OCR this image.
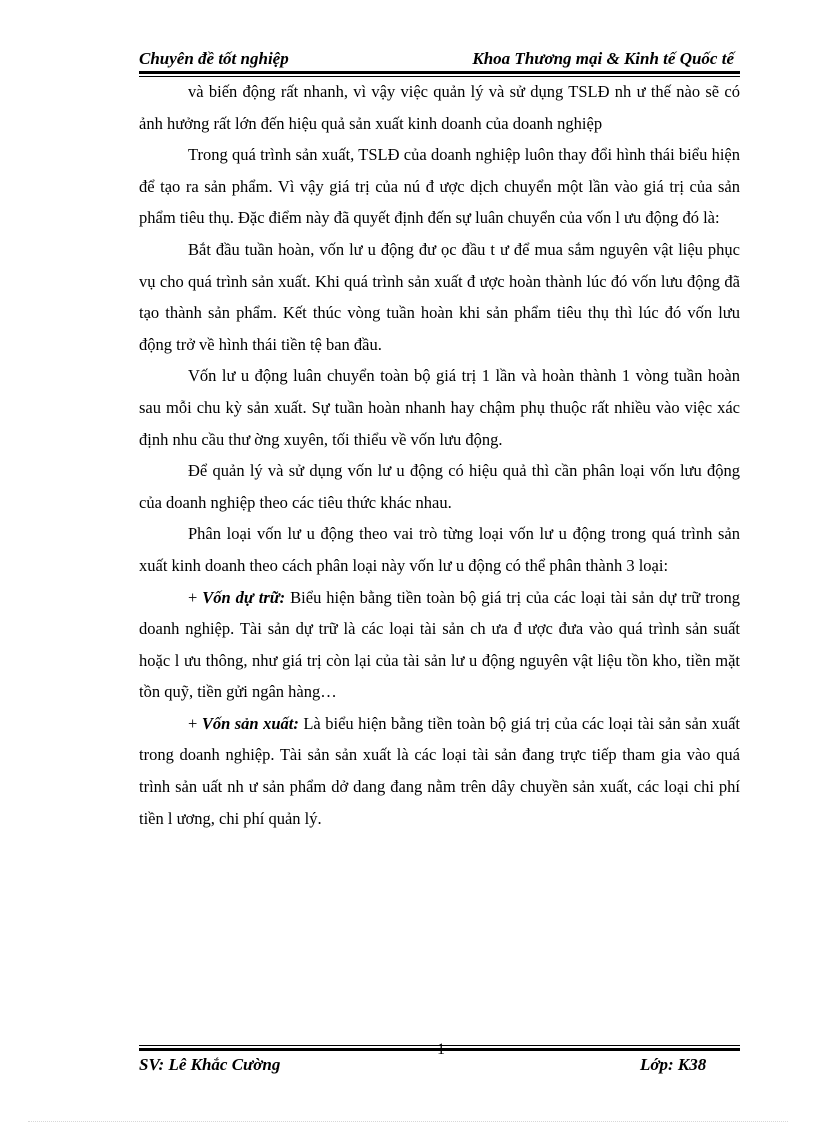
Chuyên đề tốt nghiệp	Khoa Thương mại & Kinh tế Quốc tế

và biến động rất nhanh, vì vậy việc quản lý và sử dụng TSLĐ nh ư thế nào sẽ có ảnh hưởng rất lớn đến hiệu quả sản xuất kinh doanh của doanh nghiệp

Trong quá trình sản xuất, TSLĐ của doanh nghiệp luôn thay đổi hình thái biểu hiện để tạo ra sản phẩm. Vì vậy giá trị của nú đ ược dịch chuyển một lần vào giá trị của sản phẩm tiêu thụ. Đặc điểm này đã quyết định đến sự luân chuyển của vốn l ưu động đó là:

Bắt đầu tuần hoàn, vốn lư u động đư ọc đầu t ư để mua sắm nguyên vật liệu phục vụ cho quá trình sản xuất. Khi quá trình sản xuất đ ược hoàn thành lúc đó vốn lưu động đã tạo thành sản phẩm. Kết thúc vòng tuần hoàn khi sản phẩm tiêu thụ thì lúc đó vốn lưu động trở về hình thái tiền tệ ban đầu.

Vốn lư u động luân chuyển toàn bộ giá trị 1 lần và hoàn thành 1 vòng tuần hoàn sau mỗi chu kỳ sản xuất. Sự tuần hoàn nhanh hay chậm phụ thuộc rất nhiều vào việc xác định nhu cầu thư ờng xuyên, tối thiểu về vốn lưu động.

Để quản lý và sử dụng vốn lư u động có hiệu quả thì cần phân loại vốn lưu động của doanh nghiệp theo các tiêu thức khác nhau.

Phân loại vốn lư u động theo vai trò từng loại vốn lư u động trong quá trình sản xuất kinh doanh theo cách phân loại này vốn lư u động có thể phân thành 3 loại:

+ Vốn dự trữ: Biểu hiện bằng tiền toàn bộ giá trị của các loại tài sản dự trữ trong doanh nghiệp. Tài sản dự trữ là các loại tài sản ch ưa đ ược đưa vào quá trình sản suất hoặc l ưu thông, như giá trị còn lại của tài sản lư u động nguyên vật liệu tồn kho, tiền mặt tồn quỹ, tiền gửi ngân hàng…

+ Vốn sản xuất: Là biểu hiện bằng tiền toàn bộ giá trị của các loại tài sản sản xuất trong doanh nghiệp. Tài sản sản xuất là các loại tài sản đang trực tiếp tham gia vào quá trình sản uất nh ư sản phẩm dở dang đang nằm trên dây chuyền sản xuất, các loại chi phí tiền l ương, chi phí quản lý.

SV: Lê Khắc Cường
1
Lớp: K38
